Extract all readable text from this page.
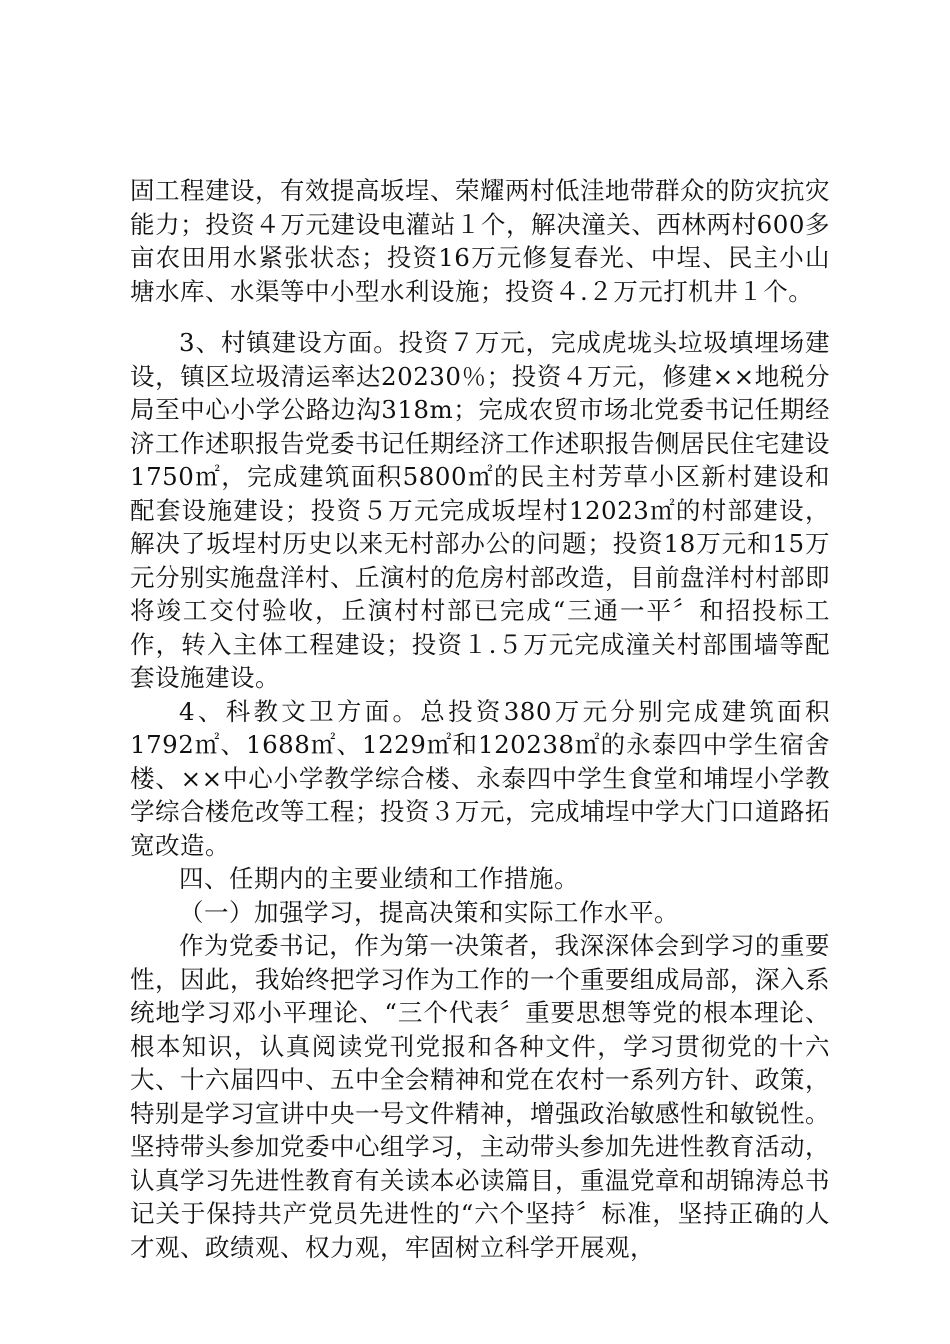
固工程建设，有效提高坂埕、荣耀两村低洼地带群众的防灾抗灾能力；投资４万元建设电灌站１个，解决潼关、西林两村600多亩农田用水紧张状态；投资16万元修复春光、中埕、民主小山塘水库、水渠等中小型水利设施；投资４.２万元打机井１个。

3、村镇建设方面。投资７万元，完成虎垅头垃圾填埋场建设，镇区垃圾清运率达20230％；投资４万元，修建××地税分局至中心小学公路边沟318m；完成农贸市场北党委书记任期经济工作述职报告党委书记任期经济工作述职报告侧居民住宅建设1750㎡，完成建筑面积5800㎡的民主村芳草小区新村建设和配套设施建设；投资５万元完成坂埕村12023㎡的村部建设，解决了坂埕村历史以来无村部办公的问题；投资18万元和15万元分别实施盘洋村、丘演村的危房村部改造，目前盘洋村村部即将竣工交付验收，丘演村村部已完成“三通一平〞和招投标工作，转入主体工程建设；投资１.５万元完成潼关村部围墙等配套设施建设。

4、科教文卫方面。总投资380万元分别完成建筑面积1792㎡、1688㎡、1229㎡和120238㎡的永泰四中学生宿舍楼、××中心小学教学综合楼、永泰四中学生食堂和埔埕小学教学综合楼危改等工程；投资３万元，完成埔埕中学大门口道路拓宽改造。

四、任期内的主要业绩和工作措施。

（一）加强学习，提高决策和实际工作水平。

作为党委书记，作为第一决策者，我深深体会到学习的重要性，因此，我始终把学习作为工作的一个重要组成局部，深入系统地学习邓小平理论、“三个代表〞重要思想等党的根本理论、根本知识，认真阅读党刊党报和各种文件，学习贯彻党的十六大、十六届四中、五中全会精神和党在农村一系列方针、政策，特别是学习宣讲中央一号文件精神，增强政治敏感性和敏锐性。坚持带头参加党委中心组学习，主动带头参加先进性教育活动，认真学习先进性教育有关读本必读篇目，重温党章和胡锦涛总书记关于保持共产党员先进性的“六个坚持〞标准，坚持正确的人才观、政绩观、权力观，牢固树立科学开展观，
